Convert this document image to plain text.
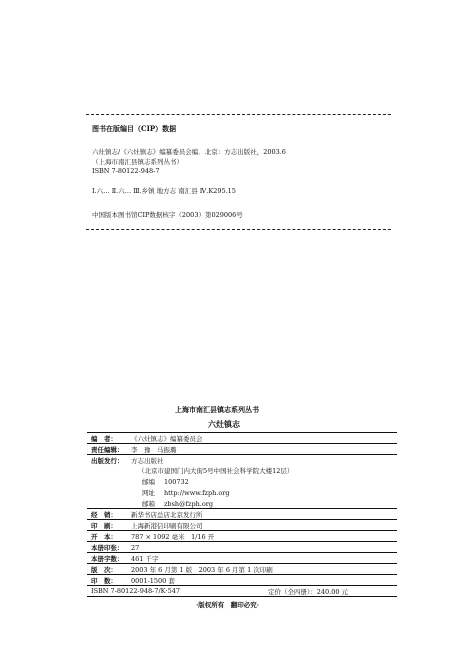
图书在版编目（CIP）数据
六灶镇志/《六灶镇志》编纂委员会编．北京：方志出版社，2003.6
（上海市南汇县镇志系列丛书）
ISBN 7-80122-948-7
Ⅰ.六… Ⅱ.六… Ⅲ.乡镇 地方志 南汇县 Ⅳ.K295.15
中国版本图书馆CIP数据核字（2003）第029006号
上海市南汇县镇志系列丛书
六灶镇志
编　者： 《六灶镇志》编纂委员会
责任编辑： 李　豫　马振璐
出版发行： 方志出版社
（北京市建国门内大街5号中国社会科学院大楼12层）
邮编 100732
网址 http://www.fzph.org
邮箱 zbsh@fzph.org
经　销： 新华书店总店北京发行所
印　刷： 上海新港信印刷有限公司
开　本： 787 × 1092 毫米　1/16 开
本册印张： 27
本册字数： 461 千字
版　次： 2003 年 6 月第 1 版　2003 年 6 月第 1 次印刷
印　数： 0001-1500 套
ISBN 7-80122-948-7/K·547	定价（全四册）：240.00 元
·版权所有　翻印必究·
